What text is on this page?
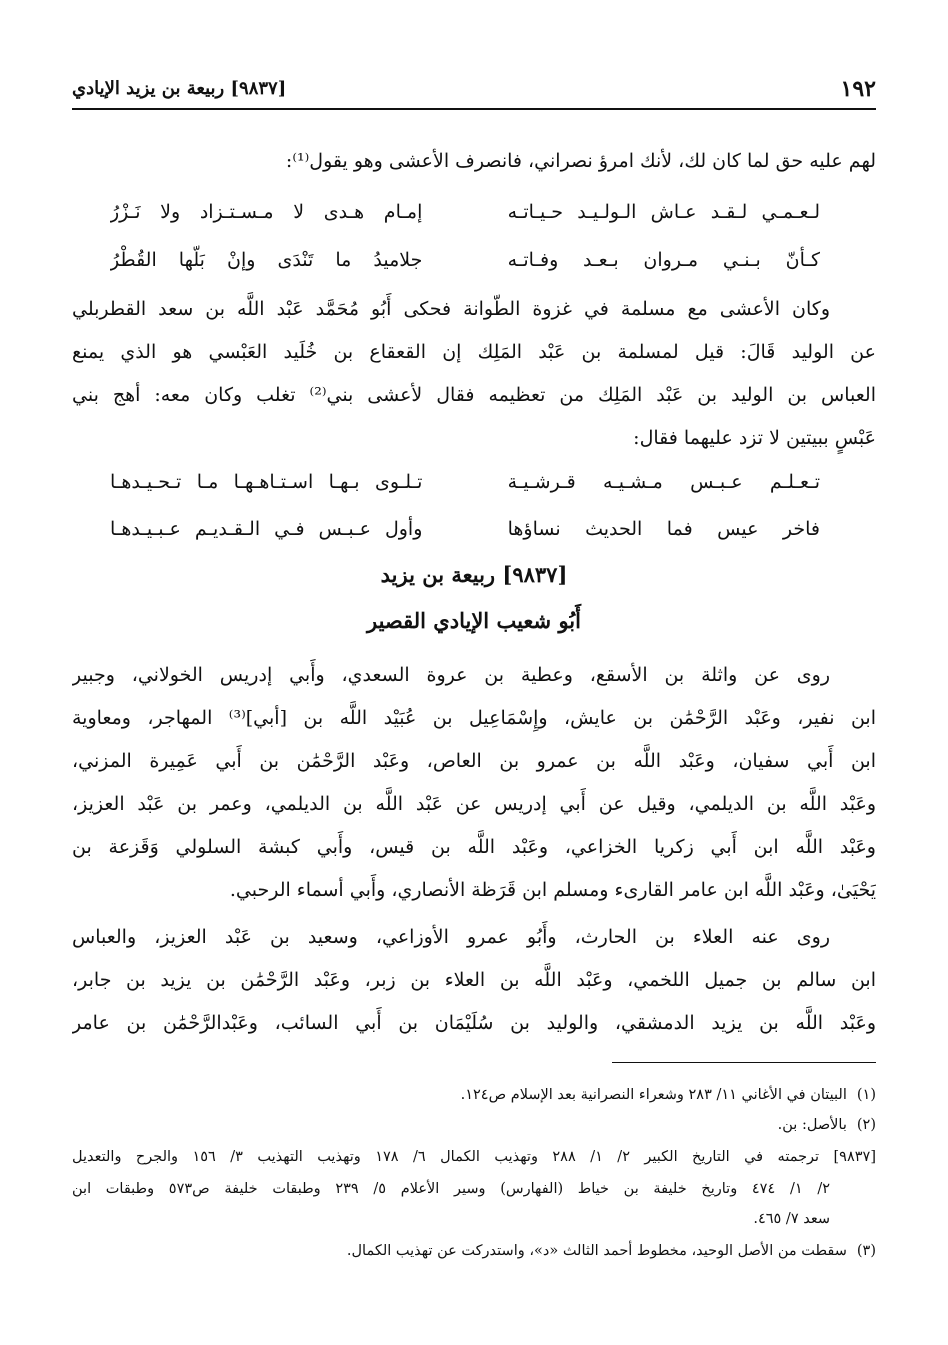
١٩٢
[٩٨٣٧] ربيعة بن يزيد الإيادي
لهم عليه حق لما كان لك، لأنك امرؤ نصراني، فانصرف الأعشى وهو يقول⁽¹⁾:
لـعـمـي لـقـد عـاش الـولـيـد حـيـاتـه
إمـام هـدى لا مـسـتـزاد ولا نَـزْرُ
كـأنّ بـنـي مـروان بـعـد وفـاتـه
جلاميدُ ما تَنْدَى وإنْ بَلّها القُطْرُ
وكان الأعشى مع مسلمة في غزوة الطّوانة فحكى أَبُو مُحَمَّد عَبْد اللَّه بن سعد القطربلي
عن الوليد قَالَ: قيل لمسلمة بن عَبْد المَلِك إن القعقاع بن خُلَيد العَبْسي هو الذي يمنع
العباس بن الوليد بن عَبْد المَلِك من تعظيمه فقال لأعشى بني⁽²⁾ تغلب وكان معه: أهج بني
عَبْسٍ ببيتين لا تزد عليهما فقال:
تـعـلـم عـبـس مـشـيـه قـرشـيـة
تـلـوى بـهـا اسـتـاهـهـا مـا تـحـيـدهـا
فاخر عيس فما الحديث نساؤها
وأول عـبـس فـي الـقـديـم عـبـيـدهـا
[٩٨٣٧] ربيعة بن يزيد
أَبُو شعيب الإيادي القصير
روى عن واثلة بن الأسقع، وعطية بن عروة السعدي، وأَبي إدريس الخولاني، وجبير
ابن نفير، وعَبْد الرَّحْمَٰن بن عايش، وإِسْمَاعِيل بن عُبَيْد اللَّه بن [أبي]⁽³⁾ المهاجر، ومعاوية
ابن أَبي سفيان، وعَبْد اللَّه بن عمرو بن العاص، وعَبْد الرَّحْمَٰن بن أَبي عَمِيرة المزني،
وعَبْد اللَّه بن الديلمي، وقيل عن أَبي إدريس عن عَبْد اللَّه بن الديلمي، وعمر بن عَبْد العزيز،
وعَبْد اللَّه ابن أَبي زكريا الخزاعي، وعَبْد اللَّه بن قيس، وأَبي كبشة السلولي وَقَزعة بن
يَحْيَىٰ، وعَبْد اللَّه ابن عامر القارىء ومسلم ابن قَرَظة الأنصاري، وأَبي أسماء الرحبي.
روى عنه العلاء بن الحارث، وأَبُو عمرو الأوزاعي، وسعيد بن عَبْد العزيز، والعباس
ابن سالم بن جميل اللخمي، وعَبْد اللَّه بن العلاء بن زبر، وعَبْد الرَّحْمَٰن بن يزيد بن جابر،
وعَبْد اللَّه بن يزيد الدمشقي، والوليد بن سُلَيْمَان بن أَبي السائب، وعَبْدالرَّحْمَٰن بن عامر
(١)البيتان في الأغاني ١١/ ٢٨٣ وشعراء النصرانية بعد الإسلام ص١٢٤.
(٢)بالأصل: بن.
[٩٨٣٧] ترجمته في التاريخ الكبير ٢/ ١/ ٢٨٨ وتهذيب الكمال ٦/ ١٧٨ وتهذيب التهذيب ٣/ ١٥٦ والجرح والتعديل
٢/ ١/ ٤٧٤ وتاريخ خليفة بن خياط (الفهارس) وسير الأعلام ٥/ ٢٣٩ وطبقات خليفة ص٥٧٣ وطبقات ابن
سعد ٧/ ٤٦٥.
(٣)سقطت من الأصل الوحيد، مخطوط أحمد الثالث «د»، واستدركت عن تهذيب الكمال.
